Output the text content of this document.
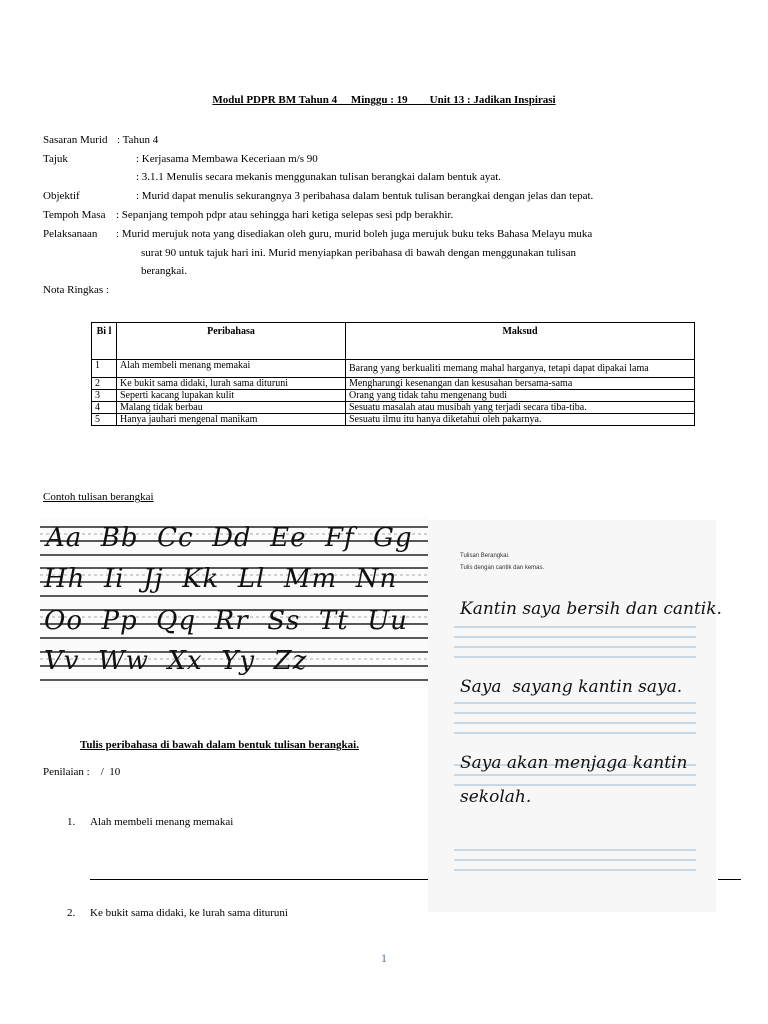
Modul PDPR BM Tahun 4     Minggu : 19        Unit 13 : Jadikan Inspirasi
Sasaran Murid : Tahun 4
Tajuk	: Kerjasama Membawa Keceriaan m/s 90
: 3.1.1 Menulis secara mekanis menggunakan tulisan berangkai dalam bentuk ayat.
Objektif	: Murid dapat menulis sekurangnya 3 peribahasa dalam bentuk tulisan berangkai dengan jelas dan tepat.
Tempoh Masa : Sepanjang tempoh pdpr atau sehingga hari ketiga selepas sesi pdp berakhir.
Pelaksanaan : Murid merujuk nota yang disediakan oleh guru, murid boleh juga merujuk buku teks Bahasa Melayu muka
surat 90 untuk tajuk hari ini. Murid menyiapkan peribahasa di bawah dengan menggunakan tulisan
berangkai.
Nota Ringkas :
Bi l	Peribahasa	Maksud
1	Alah membeli menang memakai	Barang yang berkualiti memang mahal harganya, tetapi dapat dipakai lama
2	Ke bukit sama didaki, lurah sama dituruni	Mengharungi kesenangan dan kesusahan bersama-sama
3	Seperti kacang lupakan kulit	Orang yang tidak tahu mengenang budi
4	Malang tidak berbau	Sesuatu masalah atau musibah yang terjadi secara tiba-tiba.
5	Hanya jauhari mengenal manikam	Sesuatu ilmu itu hanya diketahui oleh pakarnya.
Contoh tulisan berangkai
Aa  Bb  Cc  Dd  Ee  Ff  Gg
Hh  Ii  Jj  Kk  Ll  Mm  Nn
Oo  Pp  Qq  Rr  Ss  Tt  Uu
Vv  Ww  Xx  Yy  Zz
Tulisan Berangkai.
Tulis dengan cantik dan kemas.
Kantin saya bersih dan cantik.
Saya  sayang kantin saya.
Saya akan menjaga kantin
sekolah.
Tulis peribahasa di bawah dalam bentuk tulisan berangkai.
Penilaian :    /  10
1. Alah membeli menang memakai
2. Ke bukit sama didaki, ke lurah sama dituruni
1
